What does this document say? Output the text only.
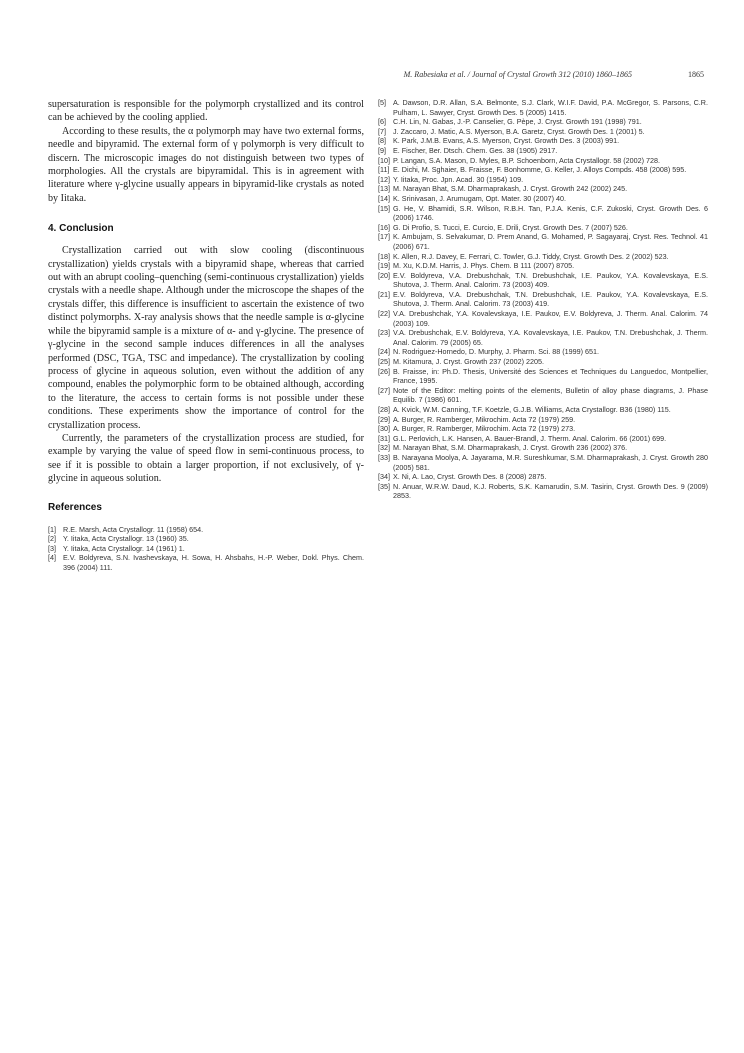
M. Rabesiaka et al. / Journal of Crystal Growth 312 (2010) 1860–1865	1865

supersaturation is responsible for the polymorph crystallized and its control can be achieved by the cooling applied.

According to these results, the α polymorph may have two external forms, needle and bipyramid. The external form of γ polymorph is very difficult to discern. The microscopic images do not distinguish between two types of morphologies. All the crystals are bipyramidal. This is in agreement with literature where γ-glycine usually appears in bipyramid-like crystals as noted by Iitaka.

4. Conclusion

Crystallization carried out with slow cooling (discontinuous crystallization) yields crystals with a bipyramid shape, whereas that carried out with an abrupt cooling–quenching (semi-continuous crystallization) yields crystals with a needle shape. Although under the microscope the shapes of the crystals differ, this difference is insufficient to ascertain the existence of two distinct polymorphs. X-ray analysis shows that the needle sample is α-glycine while the bipyramid sample is a mixture of α- and γ-glycine. The presence of γ-glycine in the second sample induces differences in all the analyses performed (DSC, TGA, TSC and impedance). The crystallization by cooling process of glycine in aqueous solution, even without the addition of any compound, enables the polymorphic form to be obtained although, according to the literature, the access to certain forms is not possible under these conditions. These experiments show the importance of control for the crystallization process.

Currently, the parameters of the crystallization process are studied, for example by varying the value of speed flow in semi-continuous process, to see if it is possible to obtain a larger proportion, if not exclusively, of γ-glycine in aqueous solution.

References
[1] R.E. Marsh, Acta Crystallogr. 11 (1958) 654.
[2] Y. Iitaka, Acta Crystallogr. 13 (1960) 35.
[3] Y. Iitaka, Acta Crystallogr. 14 (1961) 1.
[4] E.V. Boldyreva, S.N. Ivashevskaya, H. Sowa, H. Ahsbahs, H.-P. Weber, Dokl. Phys. Chem. 396 (2004) 111.
[5] A. Dawson, D.R. Allan, S.A. Belmonte, S.J. Clark, W.I.F. David, P.A. McGregor, S. Parsons, C.R. Pulham, L. Sawyer, Cryst. Growth Des. 5 (2005) 1415.
[6] C.H. Lin, N. Gabas, J.-P. Canselier, G. Pèpe, J. Cryst. Growth 191 (1998) 791.
[7] J. Zaccaro, J. Matic, A.S. Myerson, B.A. Garetz, Cryst. Growth Des. 1 (2001) 5.
[8] K. Park, J.M.B. Evans, A.S. Myerson, Cryst. Growth Des. 3 (2003) 991.
[9] E. Fischer, Ber. Dtsch. Chem. Ges. 38 (1905) 2917.
[10] P. Langan, S.A. Mason, D. Myles, B.P. Schoenborn, Acta Crystallogr. 58 (2002) 728.
[11] E. Dichi, M. Sghaier, B. Fraisse, F. Bonhomme, G. Keller, J. Alloys Compds. 458 (2008) 595.
[12] Y. Iitaka, Proc. Jpn. Acad. 30 (1954) 109.
[13] M. Narayan Bhat, S.M. Dharmaprakash, J. Cryst. Growth 242 (2002) 245.
[14] K. Srinivasan, J. Arumugam, Opt. Mater. 30 (2007) 40.
[15] G. He, V. Bhamidi, S.R. Wilson, R.B.H. Tan, P.J.A. Kenis, C.F. Zukoski, Cryst. Growth Des. 6 (2006) 1746.
[16] G. Di Profio, S. Tucci, E. Curcio, E. Drili, Cryst. Growth Des. 7 (2007) 526.
[17] K. Ambujam, S. Selvakumar, D. Prem Anand, G. Mohamed, P. Sagayaraj, Cryst. Res. Technol. 41 (2006) 671.
[18] K. Allen, R.J. Davey, E. Ferrari, C. Towler, G.J. Tiddy, Cryst. Growth Des. 2 (2002) 523.
[19] M. Xu, K.D.M. Harris, J. Phys. Chem. B 111 (2007) 8705.
[20] E.V. Boldyreva, V.A. Drebushchak, T.N. Drebushchak, I.E. Paukov, Y.A. Kovalevskaya, E.S. Shutova, J. Therm. Anal. Calorim. 73 (2003) 409.
[21] E.V. Boldyreva, V.A. Drebushchak, T.N. Drebushchak, I.E. Paukov, Y.A. Kovalevskaya, E.S. Shutova, J. Therm. Anal. Calorim. 73 (2003) 419.
[22] V.A. Drebushchak, Y.A. Kovalevskaya, I.E. Paukov, E.V. Boldyreva, J. Therm. Anal. Calorim. 74 (2003) 109.
[23] V.A. Drebushchak, E.V. Boldyreva, Y.A. Kovalevskaya, I.E. Paukov, T.N. Drebushchak, J. Therm. Anal. Calorim. 79 (2005) 65.
[24] N. Rodriguez-Hornedo, D. Murphy, J. Pharm. Sci. 88 (1999) 651.
[25] M. Kitamura, J. Cryst. Growth 237 (2002) 2205.
[26] B. Fraisse, in: Ph.D. Thesis, Université des Sciences et Techniques du Languedoc, Montpellier, France, 1995.
[27] Note of the Editor: melting points of the elements, Bulletin of alloy phase diagrams, J. Phase Equilib. 7 (1986) 601.
[28] A. Kvick, W.M. Canning, T.F. Koetzle, G.J.B. Williams, Acta Crystallogr. B36 (1980) 115.
[29] A. Burger, R. Ramberger, Mikrochim. Acta 72 (1979) 259.
[30] A. Burger, R. Ramberger, Mikrochim. Acta 72 (1979) 273.
[31] G.L. Perlovich, L.K. Hansen, A. Bauer-Brandl, J. Therm. Anal. Calorim. 66 (2001) 699.
[32] M. Narayan Bhat, S.M. Dharmaprakash, J. Cryst. Growth 236 (2002) 376.
[33] B. Narayana Moolya, A. Jayarama, M.R. Sureshkumar, S.M. Dharmaprakash, J. Cryst. Growth 280 (2005) 581.
[34] X. Ni, A. Lao, Cryst. Growth Des. 8 (2008) 2875.
[35] N. Anuar, W.R.W. Daud, K.J. Roberts, S.K. Kamarudin, S.M. Tasirin, Cryst. Growth Des. 9 (2009) 2853.
